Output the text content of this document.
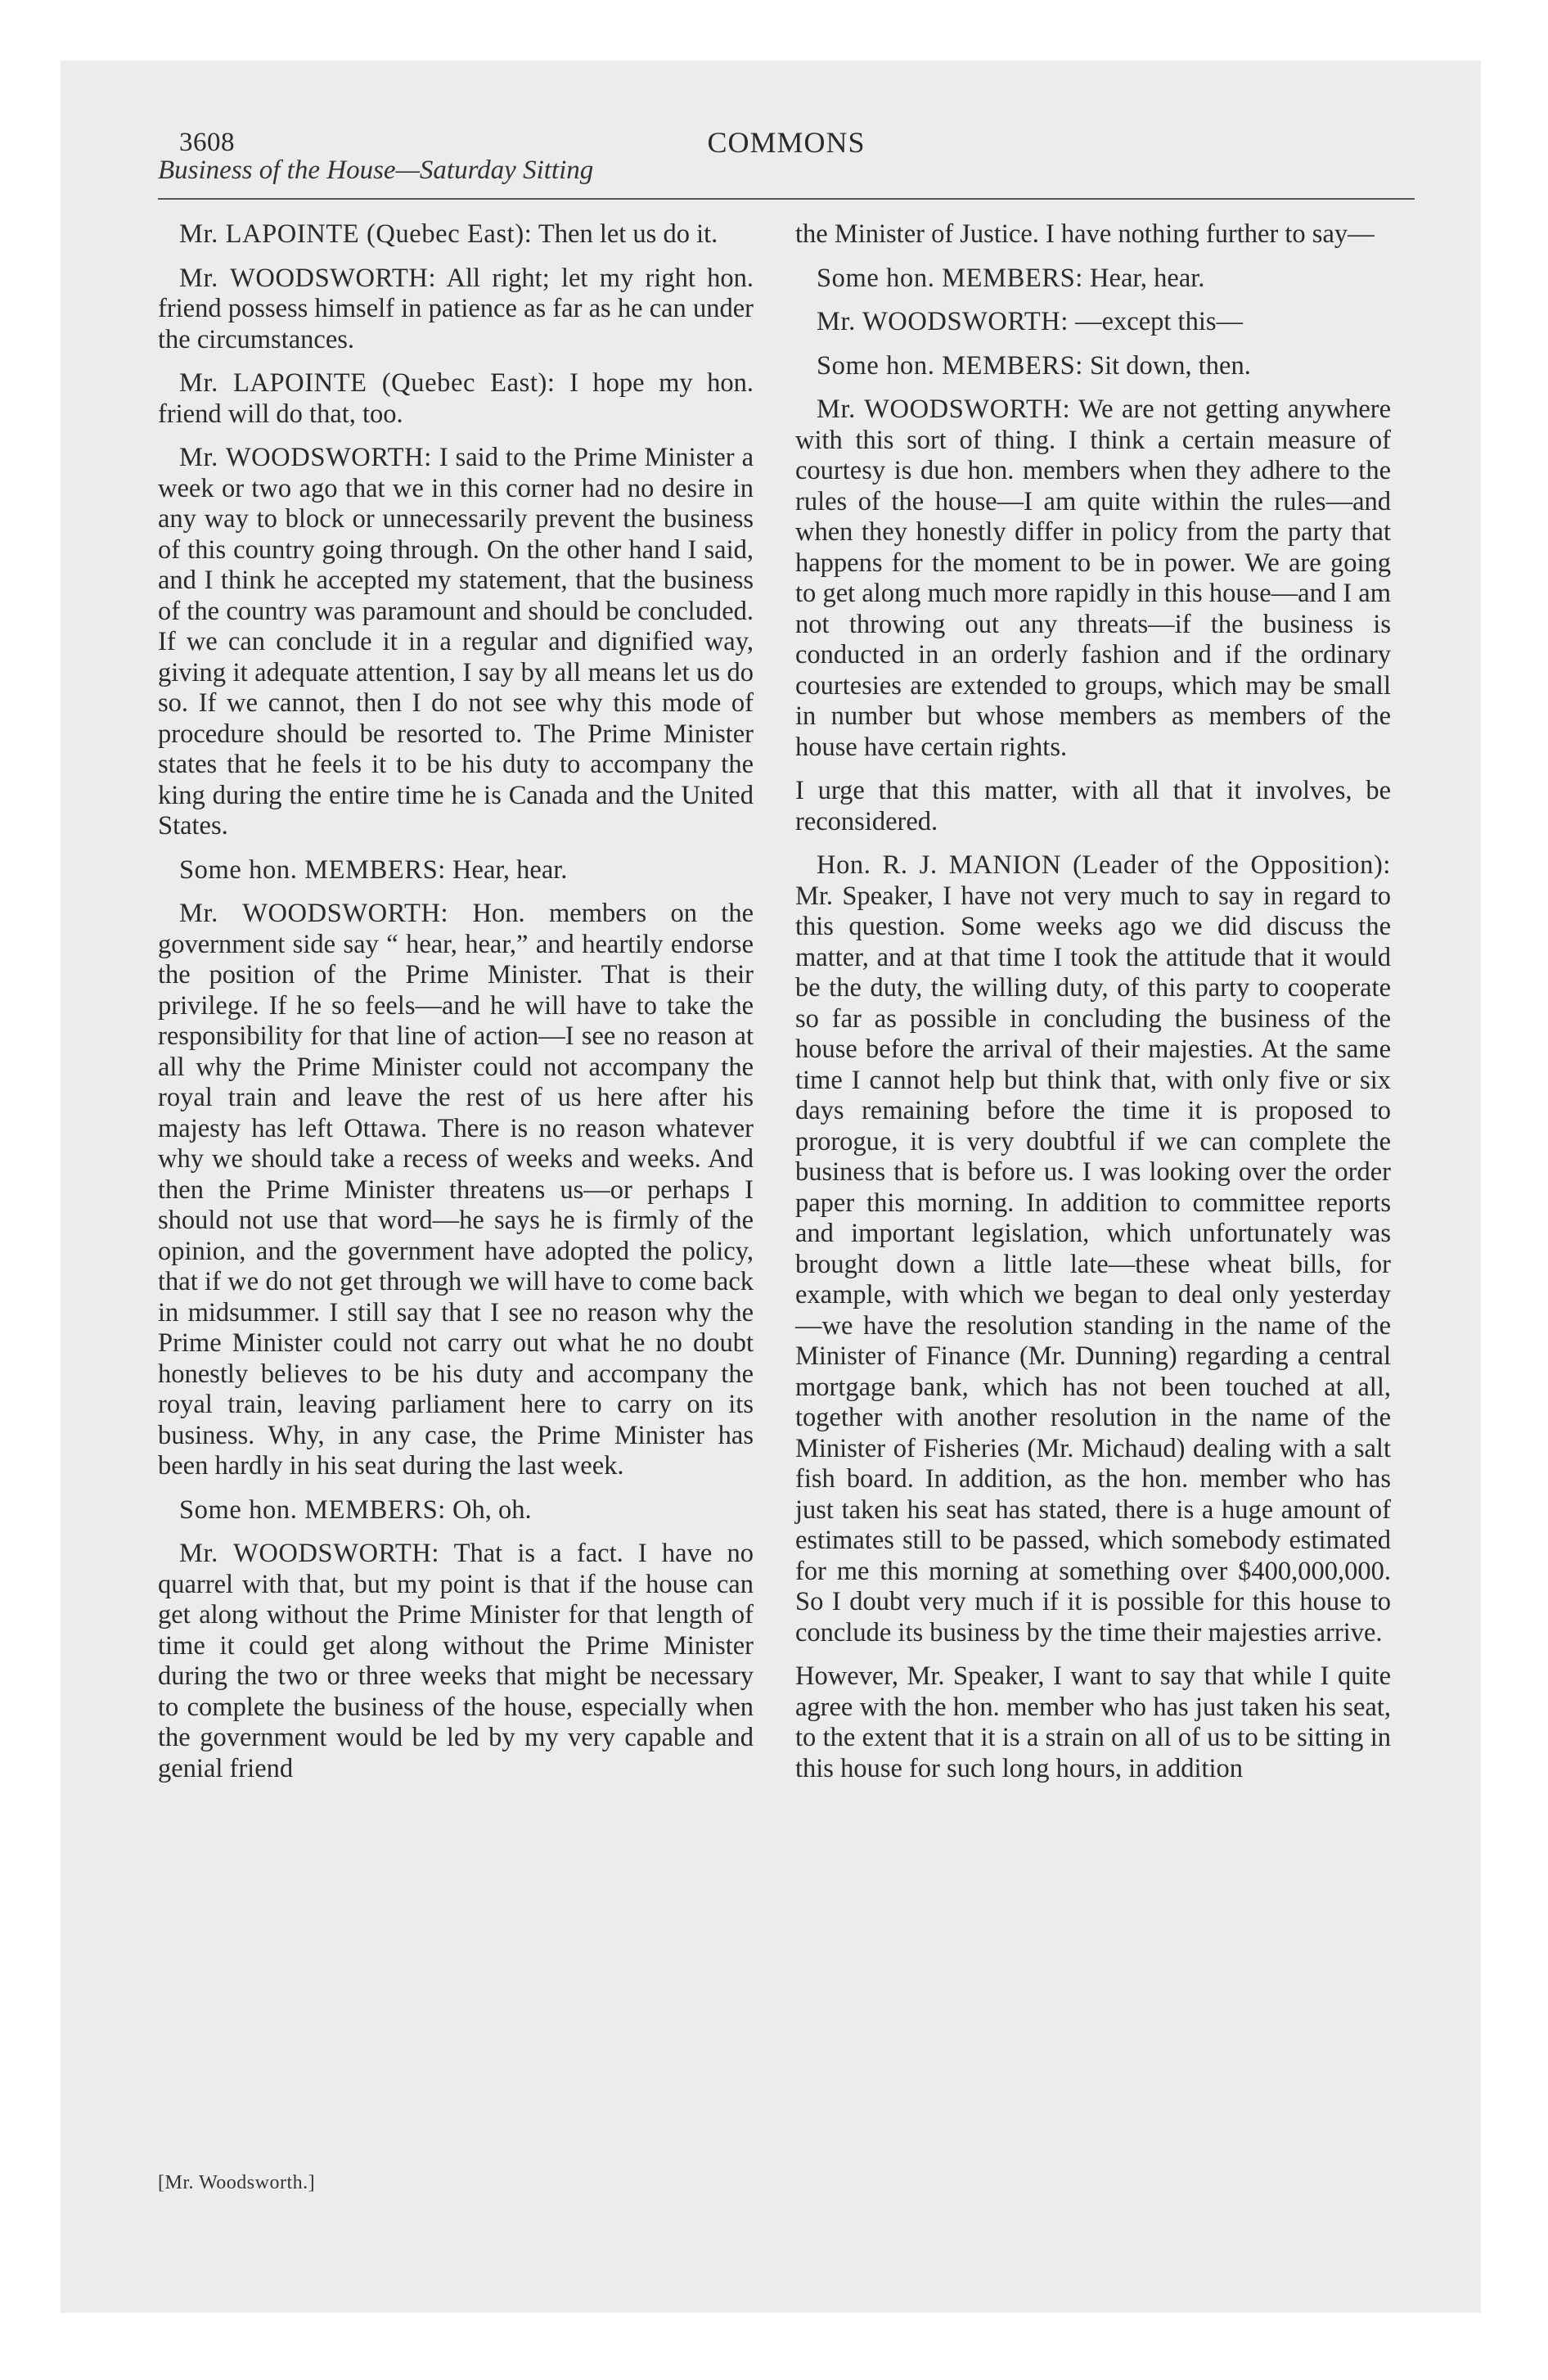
3608	COMMONS
Business of the House—Saturday Sitting

Mr. LAPOINTE (Quebec East): Then let us do it.

Mr. WOODSWORTH: All right; let my right hon. friend possess himself in patience as far as he can under the circumstances.

Mr. LAPOINTE (Quebec East): I hope my hon. friend will do that, too.

Mr. WOODSWORTH: I said to the Prime Minister a week or two ago that we in this corner had no desire in any way to block or unnecessarily prevent the business of this country going through. On the other hand I said, and I think he accepted my statement, that the business of the country was paramount and should be concluded. If we can conclude it in a regular and dignified way, giving it adequate attention, I say by all means let us do so. If we cannot, then I do not see why this mode of procedure should be resorted to. The Prime Minister states that he feels it to be his duty to accompany the king during the entire time he is Canada and the United States.

Some hon. MEMBERS: Hear, hear.

Mr. WOODSWORTH: Hon. members on the government side say “ hear, hear,” and heartily endorse the position of the Prime Minister. That is their privilege. If he so feels—and he will have to take the responsibility for that line of action—I see no reason at all why the Prime Minister could not accompany the royal train and leave the rest of us here after his majesty has left Ottawa. There is no reason whatever why we should take a recess of weeks and weeks. And then the Prime Minister threatens us—or perhaps I should not use that word—he says he is firmly of the opinion, and the government have adopted the policy, that if we do not get through we will have to come back in midsummer. I still say that I see no reason why the Prime Minister could not carry out what he no doubt honestly believes to be his duty and accompany the royal train, leaving parliament here to carry on its business. Why, in any case, the Prime Minister has been hardly in his seat during the last week.

Some hon. MEMBERS: Oh, oh.

Mr. WOODSWORTH: That is a fact. I have no quarrel with that, but my point is that if the house can get along without the Prime Minister for that length of time it could get along without the Prime Minister during the two or three weeks that might be necessary to complete the business of the house, especially when the government would be led by my very capable and genial friend

the Minister of Justice. I have nothing further to say—

Some hon. MEMBERS: Hear, hear.

Mr. WOODSWORTH: —except this—

Some hon. MEMBERS: Sit down, then.

Mr. WOODSWORTH: We are not getting anywhere with this sort of thing. I think a certain measure of courtesy is due hon. members when they adhere to the rules of the house—I am quite within the rules—and when they honestly differ in policy from the party that happens for the moment to be in power. We are going to get along much more rapidly in this house—and I am not throwing out any threats—if the business is conducted in an orderly fashion and if the ordinary courtesies are extended to groups, which may be small in number but whose members as members of the house have certain rights.

I urge that this matter, with all that it involves, be reconsidered.

Hon. R. J. MANION (Leader of the Opposition): Mr. Speaker, I have not very much to say in regard to this question. Some weeks ago we did discuss the matter, and at that time I took the attitude that it would be the duty, the willing duty, of this party to cooperate so far as possible in concluding the business of the house before the arrival of their majesties. At the same time I cannot help but think that, with only five or six days remaining before the time it is proposed to prorogue, it is very doubtful if we can complete the business that is before us. I was looking over the order paper this morning. In addition to committee reports and important legislation, which unfortunately was brought down a little late—these wheat bills, for example, with which we began to deal only yesterday—we have the resolution standing in the name of the Minister of Finance (Mr. Dunning) regarding a central mortgage bank, which has not been touched at all, together with another resolution in the name of the Minister of Fisheries (Mr. Michaud) dealing with a salt fish board. In addition, as the hon. member who has just taken his seat has stated, there is a huge amount of estimates still to be passed, which somebody estimated for me this morning at something over $400,000,000. So I doubt very much if it is possible for this house to conclude its business by the time their majesties arrive.

However, Mr. Speaker, I want to say that while I quite agree with the hon. member who has just taken his seat, to the extent that it is a strain on all of us to be sitting in this house for such long hours, in addition

[Mr. Woodsworth.]
